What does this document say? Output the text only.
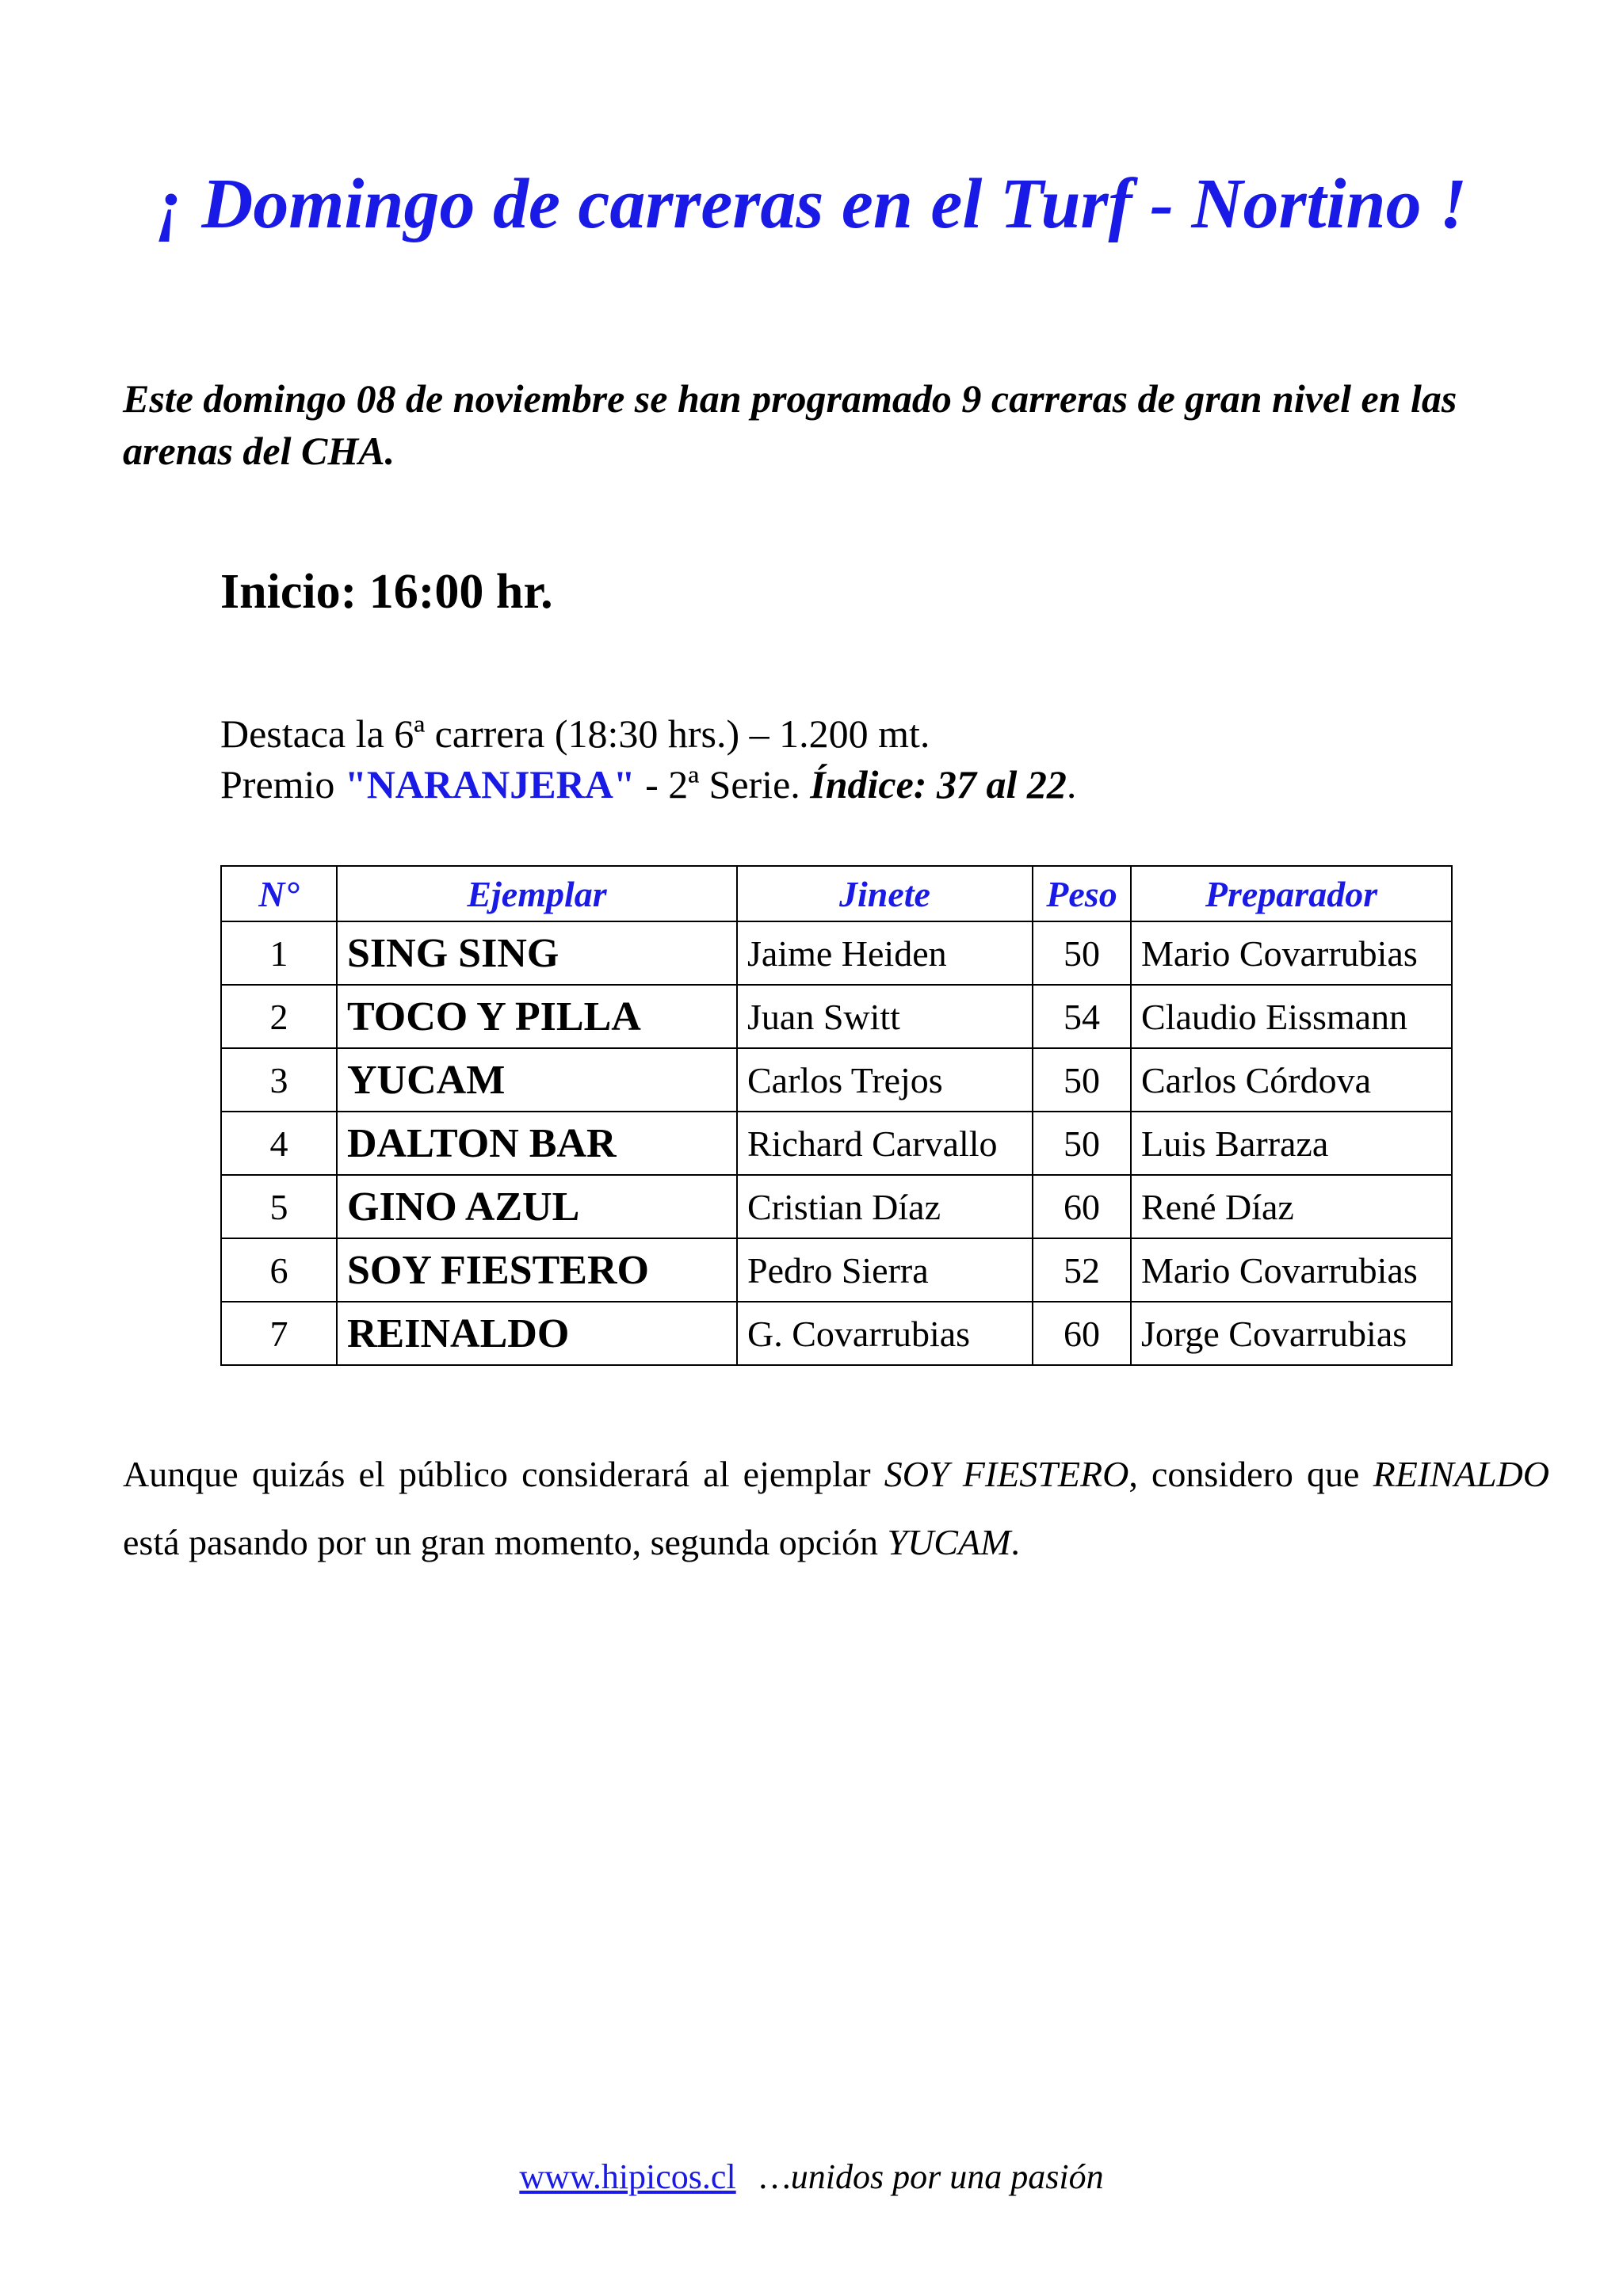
¡ Domingo de carreras en el Turf - Nortino !

Este domingo 08 de noviembre se han programado 9 carreras de gran nivel en las arenas del CHA.

Inicio: 16:00 hr.

Destaca la 6ª carrera (18:30 hrs.) – 1.200 mt.
Premio "NARANJERA" - 2ª Serie. Índice: 37 al 22.

N°	Ejemplar	Jinete	Peso	Preparador
1	SING SING	Jaime Heiden	50	Mario Covarrubias
2	TOCO Y PILLA	Juan Switt	54	Claudio Eissmann
3	YUCAM	Carlos Trejos	50	Carlos Córdova
4	DALTON BAR	Richard Carvallo	50	Luis Barraza
5	GINO AZUL	Cristian Díaz	60	René Díaz
6	SOY FIESTERO	Pedro Sierra	52	Mario Covarrubias
7	REINALDO	G. Covarrubias	60	Jorge Covarrubias

Aunque quizás el público considerará al ejemplar SOY FIESTERO, considero que REINALDO está pasando por un gran momento, segunda opción YUCAM.

www.hipicos.cl …unidos por una pasión
